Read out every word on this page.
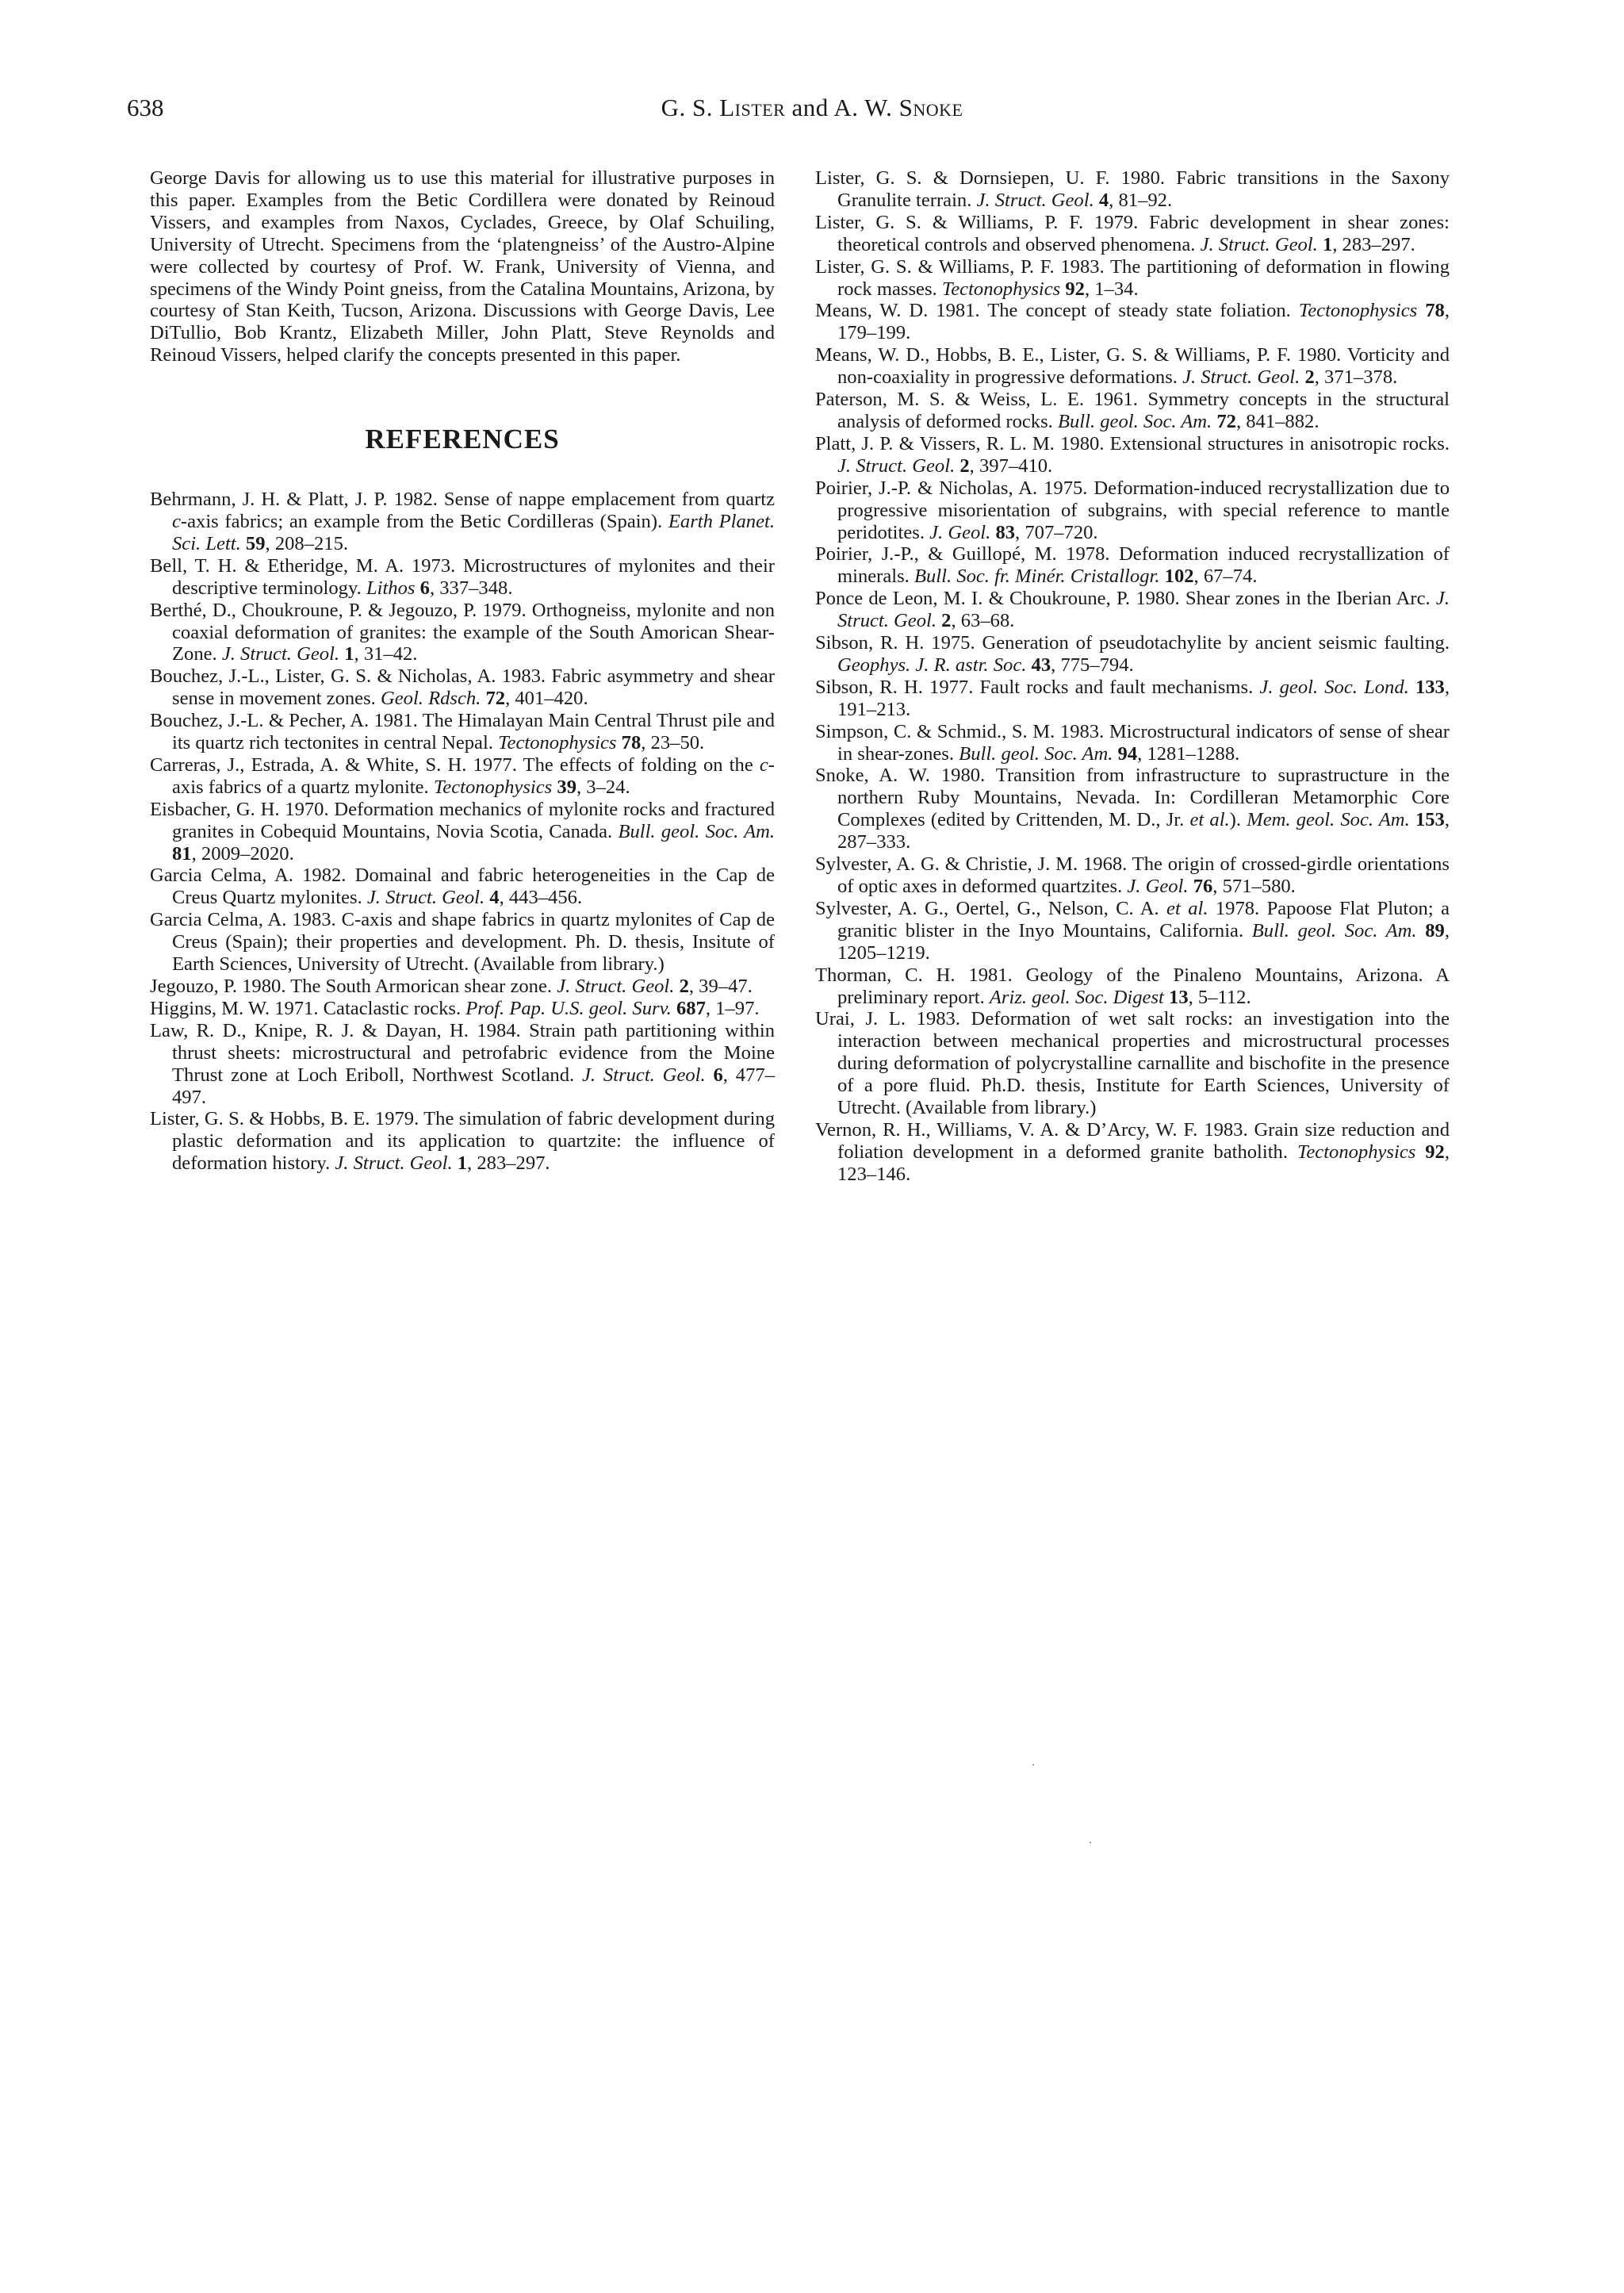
638	G. S. Lister and A. W. Snoke

George Davis for allowing us to use this material for illustrative purposes in this paper. Examples from the Betic Cordillera were donated by Reinoud Vissers, and examples from Naxos, Cyclades, Greece, by Olaf Schuiling, University of Utrecht. Specimens from the ‘platengneiss’ of the Austro-Alpine were collected by courtesy of Prof. W. Frank, University of Vienna, and specimens of the Windy Point gneiss, from the Catalina Mountains, Arizona, by courtesy of Stan Keith, Tucson, Arizona. Discussions with George Davis, Lee DiTullio, Bob Krantz, Elizabeth Miller, John Platt, Steve Reynolds and Reinoud Vissers, helped clarify the concepts presented in this paper.

REFERENCES

Behrmann, J. H. & Platt, J. P. 1982. Sense of nappe emplacement from quartz c-axis fabrics; an example from the Betic Cordilleras (Spain). Earth Planet. Sci. Lett. 59, 208–215.

Bell, T. H. & Etheridge, M. A. 1973. Microstructures of mylonites and their descriptive terminology. Lithos 6, 337–348.

Berthé, D., Choukroune, P. & Jegouzo, P. 1979. Orthogneiss, mylonite and non coaxial deformation of granites: the example of the South Amorican Shear-Zone. J. Struct. Geol. 1, 31–42.

Bouchez, J.-L., Lister, G. S. & Nicholas, A. 1983. Fabric asymmetry and shear sense in movement zones. Geol. Rdsch. 72, 401–420.

Bouchez, J.-L. & Pecher, A. 1981. The Himalayan Main Central Thrust pile and its quartz rich tectonites in central Nepal. Tectonophysics 78, 23–50.

Carreras, J., Estrada, A. & White, S. H. 1977. The effects of folding on the c-axis fabrics of a quartz mylonite. Tectonophysics 39, 3–24.

Eisbacher, G. H. 1970. Deformation mechanics of mylonite rocks and fractured granites in Cobequid Mountains, Novia Scotia, Canada. Bull. geol. Soc. Am. 81, 2009–2020.

Garcia Celma, A. 1982. Domainal and fabric heterogeneities in the Cap de Creus Quartz mylonites. J. Struct. Geol. 4, 443–456.

Garcia Celma, A. 1983. C-axis and shape fabrics in quartz mylonites of Cap de Creus (Spain); their properties and development. Ph. D. thesis, Insitute of Earth Sciences, University of Utrecht. (Available from library.)

Jegouzo, P. 1980. The South Armorican shear zone. J. Struct. Geol. 2, 39–47.

Higgins, M. W. 1971. Cataclastic rocks. Prof. Pap. U.S. geol. Surv. 687, 1–97.

Law, R. D., Knipe, R. J. & Dayan, H. 1984. Strain path partitioning within thrust sheets: microstructural and petrofabric evidence from the Moine Thrust zone at Loch Eriboll, Northwest Scotland. J. Struct. Geol. 6, 477–497.

Lister, G. S. & Hobbs, B. E. 1979. The simulation of fabric development during plastic deformation and its application to quartzite: the influence of deformation history. J. Struct. Geol. 1, 283–297.

Lister, G. S. & Dornsiepen, U. F. 1980. Fabric transitions in the Saxony Granulite terrain. J. Struct. Geol. 4, 81–92.

Lister, G. S. & Williams, P. F. 1979. Fabric development in shear zones: theoretical controls and observed phenomena. J. Struct. Geol. 1, 283–297.

Lister, G. S. & Williams, P. F. 1983. The partitioning of deformation in flowing rock masses. Tectonophysics 92, 1–34.

Means, W. D. 1981. The concept of steady state foliation. Tectonophysics 78, 179–199.

Means, W. D., Hobbs, B. E., Lister, G. S. & Williams, P. F. 1980. Vorticity and non-coaxiality in progressive deformations. J. Struct. Geol. 2, 371–378.

Paterson, M. S. & Weiss, L. E. 1961. Symmetry concepts in the structural analysis of deformed rocks. Bull. geol. Soc. Am. 72, 841–882.

Platt, J. P. & Vissers, R. L. M. 1980. Extensional structures in anisotropic rocks. J. Struct. Geol. 2, 397–410.

Poirier, J.-P. & Nicholas, A. 1975. Deformation-induced recrystallization due to progressive misorientation of subgrains, with special reference to mantle peridotites. J. Geol. 83, 707–720.

Poirier, J.-P., & Guillopé, M. 1978. Deformation induced recrystallization of minerals. Bull. Soc. fr. Minér. Cristallogr. 102, 67–74.

Ponce de Leon, M. I. & Choukroune, P. 1980. Shear zones in the Iberian Arc. J. Struct. Geol. 2, 63–68.

Sibson, R. H. 1975. Generation of pseudotachylite by ancient seismic faulting. Geophys. J. R. astr. Soc. 43, 775–794.

Sibson, R. H. 1977. Fault rocks and fault mechanisms. J. geol. Soc. Lond. 133, 191–213.

Simpson, C. & Schmid., S. M. 1983. Microstructural indicators of sense of shear in shear-zones. Bull. geol. Soc. Am. 94, 1281–1288.

Snoke, A. W. 1980. Transition from infrastructure to suprastructure in the northern Ruby Mountains, Nevada. In: Cordilleran Metamorphic Core Complexes (edited by Crittenden, M. D., Jr. et al.). Mem. geol. Soc. Am. 153, 287–333.

Sylvester, A. G. & Christie, J. M. 1968. The origin of crossed-girdle orientations of optic axes in deformed quartzites. J. Geol. 76, 571–580.

Sylvester, A. G., Oertel, G., Nelson, C. A. et al. 1978. Papoose Flat Pluton; a granitic blister in the Inyo Mountains, California. Bull. geol. Soc. Am. 89, 1205–1219.

Thorman, C. H. 1981. Geology of the Pinaleno Mountains, Arizona. A preliminary report. Ariz. geol. Soc. Digest 13, 5–112.

Urai, J. L. 1983. Deformation of wet salt rocks: an investigation into the interaction between mechanical properties and microstructural processes during deformation of polycrystalline carnallite and bischofite in the presence of a pore fluid. Ph.D. thesis, Institute for Earth Sciences, University of Utrecht. (Available from library.)

Vernon, R. H., Williams, V. A. & D’Arcy, W. F. 1983. Grain size reduction and foliation development in a deformed granite batholith. Tectonophysics 92, 123–146.
